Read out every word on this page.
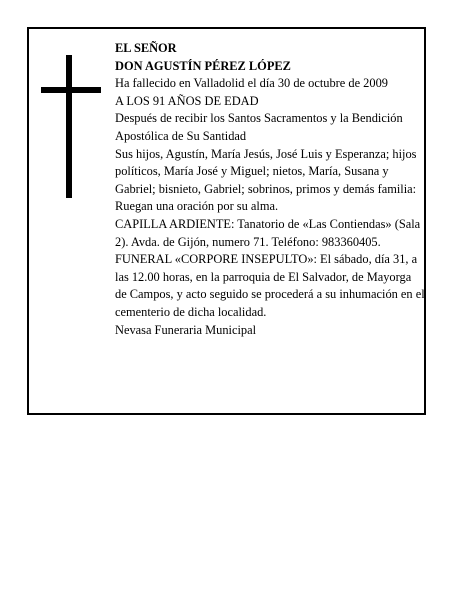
EL SEÑOR

DON AGUSTÍN PÉREZ LÓPEZ

Ha fallecido en Valladolid el día 30 de octubre de 2009

A LOS 91 AÑOS DE EDAD

Después de recibir los Santos Sacramentos y la Bendición Apostólica de Su Santidad

Sus hijos, Agustín, María Jesús, José Luis y Esperanza; hijos políticos, María José y Miguel; nietos, María, Susana y Gabriel; bisnieto, Gabriel; sobrinos, primos y demás familia:

Ruegan una oración por su alma.

CAPILLA ARDIENTE: Tanatorio de «Las Contiendas» (Sala 2). Avda. de Gijón, numero 71. Teléfono: 983360405.

FUNERAL «CORPORE INSEPULTO»: El sábado, día 31, a las 12.00 horas, en la parroquia de El Salvador, de Mayorga de Campos, y acto seguido se procederá a su inhumación en el cementerio de dicha localidad.

Nevasa Funeraria Municipal
